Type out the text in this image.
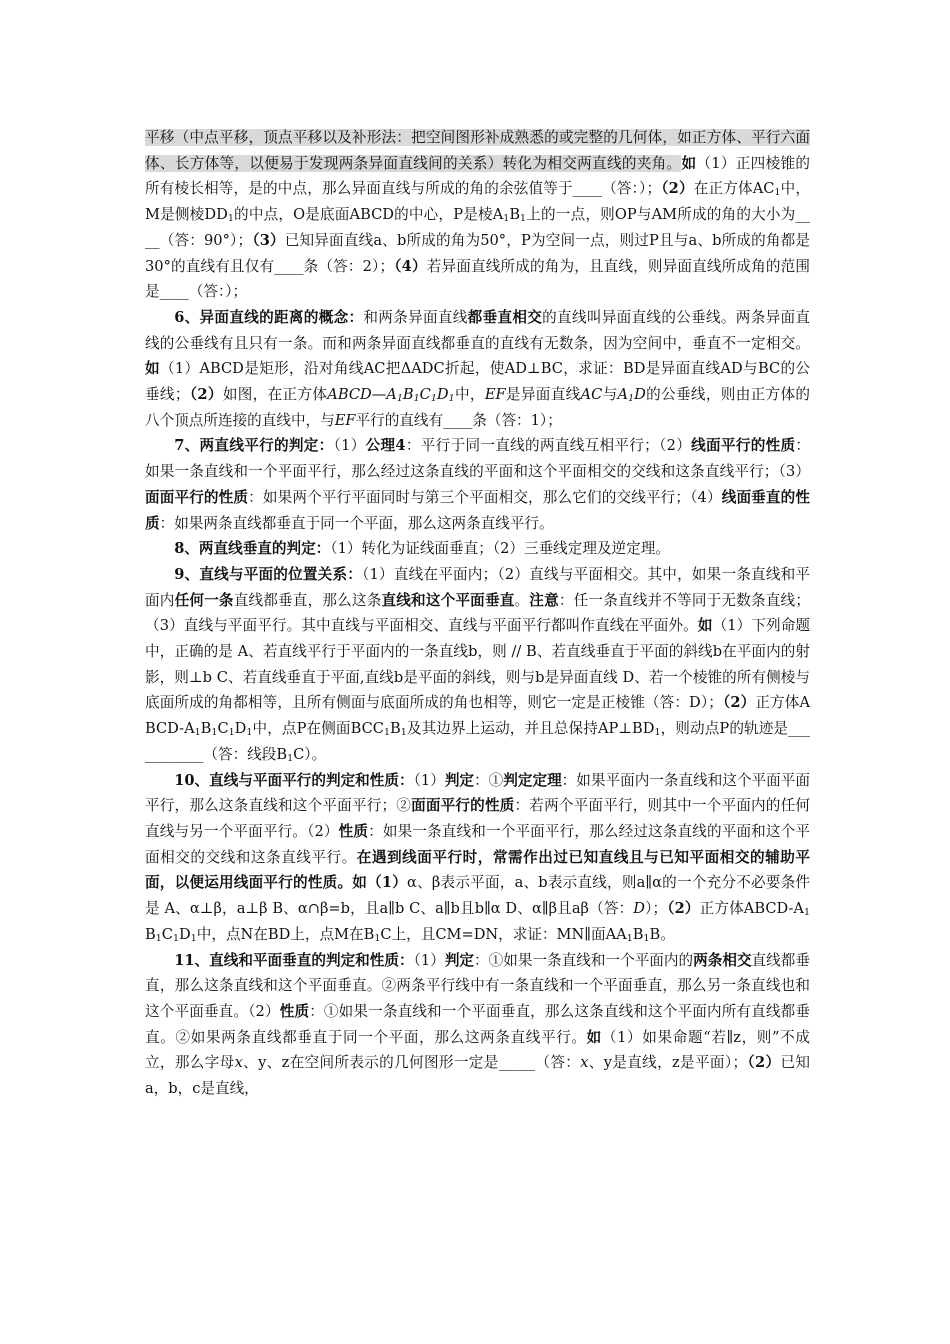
平移（中点平移，顶点平移以及补形法：把空间图形补成熟悉的或完整的几何体，如正方体、平行六面体、长方体等，以便易于发现两条异面直线间的关系）转化为相交两直线的夹角。如（1）正四棱锥的所有棱长相等，是的中点，那么异面直线与所成的角的余弦值等于____（答：）；（2）在正方体$AC_1$中，M是侧棱$DD_1$的中点，O是底面ABCD的中心，P是棱$A_1B_1$上的一点，则OP与AM所成的角的大小为____（答：90°）；（3）已知异面直线a、b所成的角为50°，P为空间一点，则过P且与a、b所成的角都是30°的直线有且仅有____条（答：2）；（4）若异面直线所成的角为，且直线，则异面直线所成角的范围是____（答：）；

6、异面直线的距离的概念：和两条异面直线都垂直相交的直线叫异面直线的公垂线。两条异面直线的公垂线有且只有一条。而和两条异面直线都垂直的直线有无数条，因为空间中，垂直不一定相交。如（1）ABCD是矩形，沿对角线AC把ΔADC折起，使AD⊥BC，求证：BD是异面直线AD与BC的公垂线；（2）如图，在正方体$ABCD—A_1B_1C_1D_1$中，EF是异面直线AC与$A_1D$的公垂线，则由正方体的八个顶点所连接的直线中，与EF平行的直线有____条（答：1）；

7、两直线平行的判定：（1）公理4：平行于同一直线的两直线互相平行；（2）线面平行的性质：如果一条直线和一个平面平行，那么经过这条直线的平面和这个平面相交的交线和这条直线平行；（3）面面平行的性质：如果两个平行平面同时与第三个平面相交，那么它们的交线平行；（4）线面垂直的性质：如果两条直线都垂直于同一个平面，那么这两条直线平行。

8、两直线垂直的判定：（1）转化为证线面垂直；（2）三垂线定理及逆定理。

9、直线与平面的位置关系：（1）直线在平面内；（2）直线与平面相交。其中，如果一条直线和平面内任何一条直线都垂直，那么这条直线和这个平面垂直。注意：任一条直线并不等同于无数条直线；（3）直线与平面平行。其中直线与平面相交、直线与平面平行都叫作直线在平面外。如（1）下列命题中，正确的是 A、若直线平行于平面内的一条直线b，则 // B、若直线垂直于平面的斜线b在平面内的射影，则⊥b C、若直线垂直于平面,直线b是平面的斜线，则与b是异面直线 D、若一个棱锥的所有侧棱与底面所成的角都相等，且所有侧面与底面所成的角也相等，则它一定是正棱锥（答：D）；（2）正方体ABCD-$A_1B_1C_1D_1$中，点P在侧面$BCC_1B_1$及其边界上运动，并且总保持$AP\perp BD_1$，则动点P的轨迹是___________（答：线段$B_1C$）。

10、直线与平面平行的判定和性质：（1）判定：①判定定理：如果平面内一条直线和这个平面平面平行，那么这条直线和这个平面平行；②面面平行的性质：若两个平面平行，则其中一个平面内的任何直线与另一个平面平行。（2）性质：如果一条直线和一个平面平行，那么经过这条直线的平面和这个平面相交的交线和这条直线平行。在遇到线面平行时，常需作出过已知直线且与已知平面相交的辅助平面，以便运用线面平行的性质。如（1）α、β表示平面，a、b表示直线，则a∥α的一个充分不必要条件是 A、α⊥β，a⊥β B、α∩β=b，且a∥b C、a∥b且b∥α D、α∥β且aβ（答：D）；（2）正方体ABCD-$A_1B_1C_1D_1$中，点N在BD上，点M在$B_1C$上，且CM=DN，求证：MN∥面$AA_1B_1B$。

11、直线和平面垂直的判定和性质：（1）判定：①如果一条直线和一个平面内的两条相交直线都垂直，那么这条直线和这个平面垂直。②两条平行线中有一条直线和一个平面垂直，那么另一条直线也和这个平面垂直。（2）性质：①如果一条直线和一个平面垂直，那么这条直线和这个平面内所有直线都垂直。②如果两条直线都垂直于同一个平面，那么这两条直线平行。如（1）如果命题“若∥z，则”不成立，那么字母x、y、z在空间所表示的几何图形一定是_____（答：x、y是直线，z是平面）；（2）已知a，b，c是直线，
